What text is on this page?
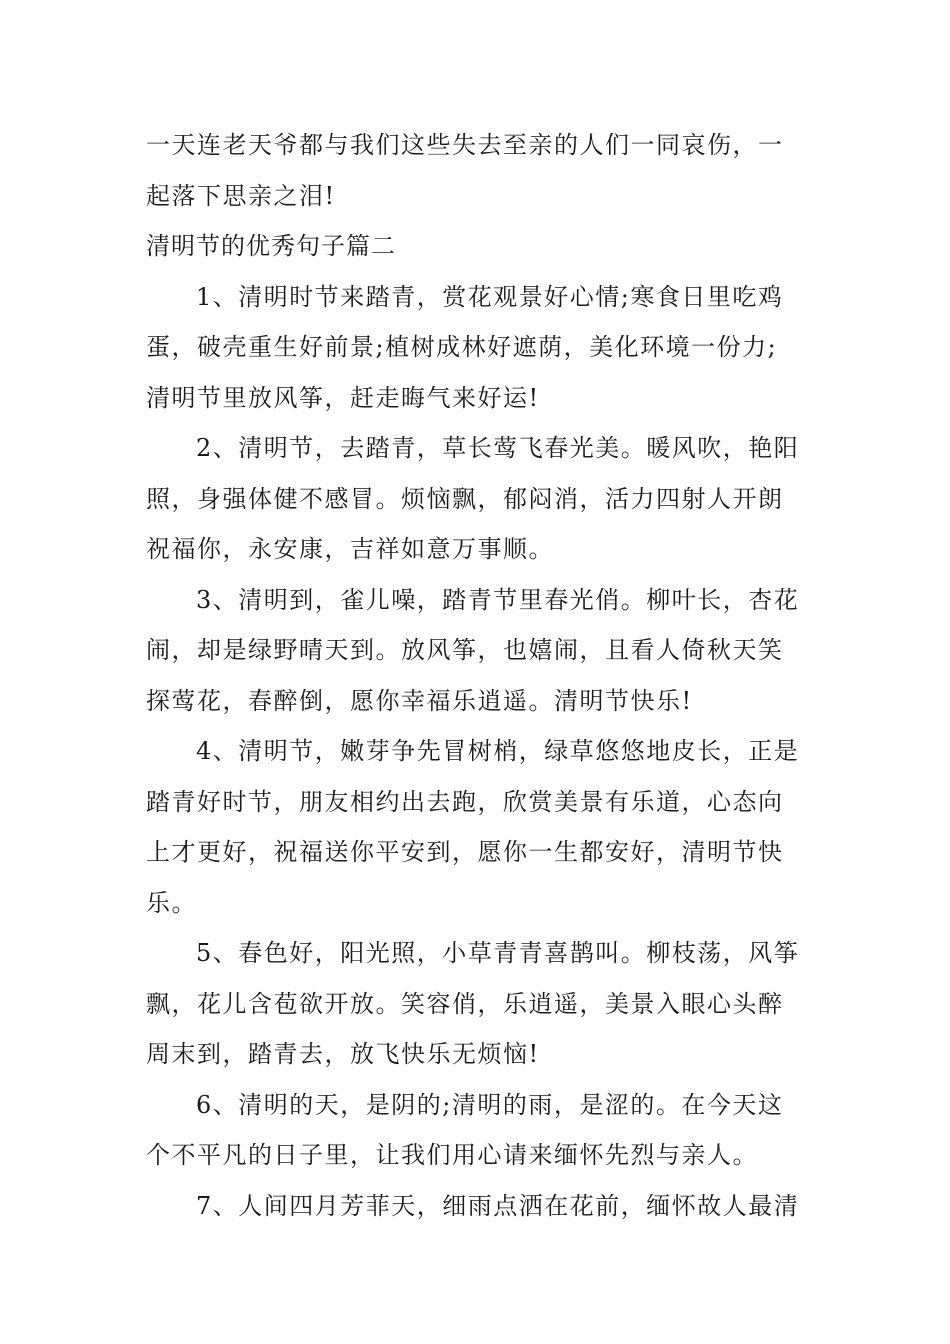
一天连老天爷都与我们这些失去至亲的人们一同哀伤，一
起落下思亲之泪!
清明节的优秀句子篇二
1、清明时节来踏青，赏花观景好心情;寒食日里吃鸡
蛋，破壳重生好前景;植树成林好遮荫，美化环境一份力;
清明节里放风筝，赶走晦气来好运!
2、清明节，去踏青，草长莺飞春光美。暖风吹，艳阳
照，身强体健不感冒。烦恼飘，郁闷消，活力四射人开朗
祝福你，永安康，吉祥如意万事顺。
3、清明到，雀儿噪，踏青节里春光俏。柳叶长，杏花
闹，却是绿野晴天到。放风筝，也嬉闹，且看人倚秋天笑
探莺花，春醉倒，愿你幸福乐逍遥。清明节快乐!
4、清明节，嫩芽争先冒树梢，绿草悠悠地皮长，正是
踏青好时节，朋友相约出去跑，欣赏美景有乐道，心态向
上才更好，祝福送你平安到，愿你一生都安好，清明节快
乐。
5、春色好，阳光照，小草青青喜鹊叫。柳枝荡，风筝
飘，花儿含苞欲开放。笑容俏，乐逍遥，美景入眼心头醉
周末到，踏青去，放飞快乐无烦恼!
6、清明的天，是阴的;清明的雨，是涩的。在今天这
个不平凡的日子里，让我们用心请来缅怀先烈与亲人。
7、人间四月芳菲天，细雨点洒在花前，缅怀故人最清
